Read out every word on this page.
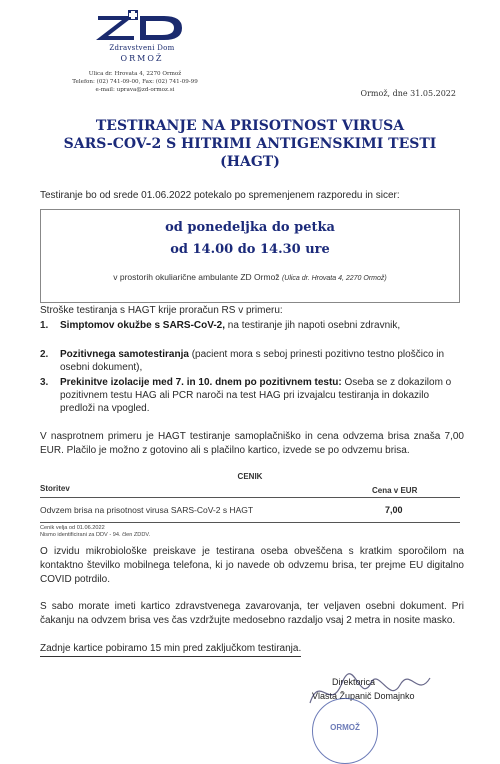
Zdravstveni Dom
ORMOŽ
Ulica dr. Hrovata 4, 2270 Ormož
Telefon: (02) 741-09-00, Fax: (02) 741-09-99
e-mail: uprava@zd-ormoz.si	Ormož, dne 31.05.2022
TESTIRANJE NA PRISOTNOST VIRUSA
SARS-COV-2 S HITRIMI ANTIGENSKIMI TESTI
(HAGT)
Testiranje bo od srede 01.06.2022 potekalo po spremenjenem razporedu in sicer:
od ponedeljka do petka
od 14.00 do 14.30 ure
v prostorih okuliarične ambulante ZD Ormož (Ulica dr. Hrovata 4, 2270 Ormož)
Stroške testiranja s HAGT krije proračun RS v primeru:
1. Simptomov okužbe s SARS-CoV-2, na testiranje jih napoti osebni zdravnik,
2. Pozitivnega samotestiranja (pacient mora s seboj prinesti pozitivno testno ploščico in osebni dokument),
3. Prekinitve izolacije med 7. in 10. dnem po pozitivnem testu: Oseba se z dokazilom o pozitivnem testu HAG ali PCR naroči na test HAG pri izvajalcu testiranja in dokazilo predloži na vpogled.
V nasprotnem primeru je HAGT testiranje samoplačniško in cena odvzema brisa znaša 7,00 EUR. Plačilo je možno z gotovino ali s plačilno kartico, izvede se po odvzemu brisa.
CENIK
Storitev	Cena v EUR
Odvzem brisa na prisotnost virusa SARS-CoV-2 s HAGT	7,00
Cenik velja od 01.06.2022
Nismo identificirani za DDV - 94. člen ZDDV.
O izvidu mikrobiološke preiskave je testirana oseba obveščena s kratkim sporočilom na kontaktno številko mobilnega telefona, ki jo navede ob odvzemu brisa, ter prejme EU digitalno COVID potrdilo.
S sabo morate imeti kartico zdravstvenega zavarovanja, ter veljaven osebni dokument. Pri čakanju na odvzem brisa ves čas vzdržujte medosebno razdaljo vsaj 2 metra in nosite masko.
Zadnje kartice pobiramo 15 min pred zaključkom testiranja.
Direktorica
Vlasta Županič Domajnko
ORMOŽ
